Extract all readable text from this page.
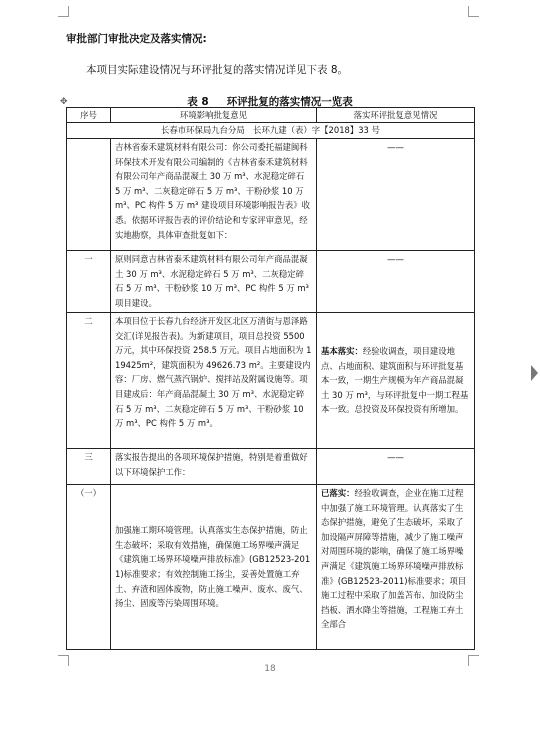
审批部门审批决定及落实情况:
本项目实际建设情况与环评批复的落实情况详见下表 8。
✥	表 8 环评批复的落实情况一览表
序号	环境影响批复意见	落实环评批复意见情况
长春市环保局九台分局　长环九建（表）字【2018】33 号		
	吉林省泰禾建筑材料有限公司：你公司委托福建闽科环保技术开发有限公司编制的《吉林省泰禾建筑材料有限公司年产商品混凝土 30 万 m³、水泥稳定碎石 5 万 m³、二灰稳定碎石 5 万 m³、干粉砂浆 10 万 m³、PC 构件 5 万 m³ 建设项目环境影响报告表》收悉。依据环评报告表的评价结论和专家评审意见，经实地勘察，具体审查批复如下：	——
一	原则同意吉林省泰禾建筑材料有限公司年产商品混凝土 30 万 m³、水泥稳定碎石 5 万 m³、二灰稳定碎石 5 万 m³、干粉砂浆 10 万 m³、PC 构件 5 万 m³ 项目建设。	——
二	本项目位于长春九台经济开发区北区万清街与恩泽路交汇(详见报告表)。为新建项目，项目总投资 5500 万元，其中环保投资 258.5 万元。项目占地面积为 119425m²，建筑面积为 49626.73 m²。主要建设内容：厂房、燃气蒸汽锅炉、搅拌站及附属设施等。项目建成后：年产商品混凝土 30 万 m³、水泥稳定碎石 5 万 m³、二灰稳定碎石 5 万 m³、干粉砂浆 10 万 m³、PC 构件 5 万 m³。	基本落实：经验收调查，项目建设地点、占地面积、建筑面积与环评批复基本一致，一期生产规模为年产商品混凝土 30 万 m³，与环评批复中一期工程基本一致。总投资及环保投资有所增加。
三	落实报告提出的各项环境保护措施，特别是着重做好以下环境保护工作：	——
（一）	加强施工期环境管理。认真落实生态保护措施，防止生态破坏；采取有效措施，确保施工场界噪声满足《建筑施工场界环境噪声排放标准》(GB12523-2011)标准要求；有效控制施工扬尘，妥善处置施工弃土、弃渣和固体废物，防止施工噪声、废水、废气、扬尘、固废等污染周围环境。	已落实：经验收调查，企业在施工过程中加强了施工环境管理。认真落实了生态保护措施，避免了生态破坏，采取了加设隔声屏障等措施，减少了施工噪声对周围环境的影响，确保了施工场界噪声满足《建筑施工场界环境噪声排放标准》(GB12523-2011)标准要求；项目施工过程中采取了加盖苫布、加设防尘挡板、洒水降尘等措施，工程施工弃土全部合
18
